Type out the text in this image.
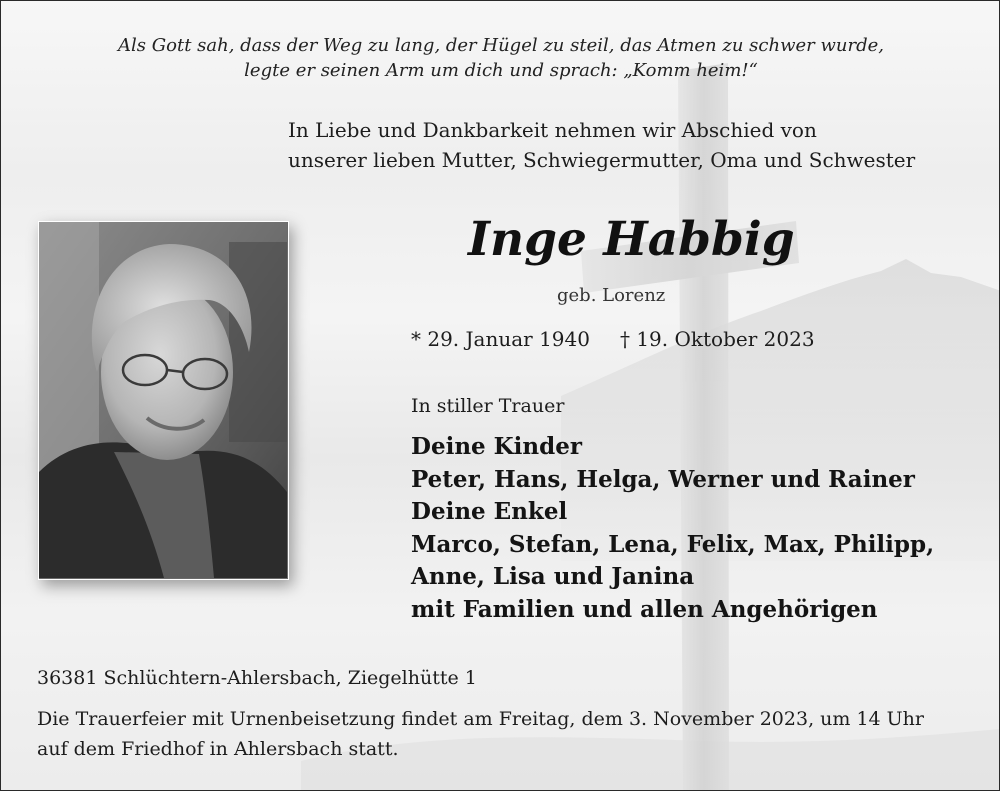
Als Gott sah, dass der Weg zu lang, der Hügel zu steil, das Atmen zu schwer wurde,
legte er seinen Arm um dich und sprach: „Komm heim!“

In Liebe und Dankbarkeit nehmen wir Abschied von
unserer lieben Mutter, Schwiegermutter, Oma und Schwester

Inge Habbig

geb. Lorenz

* 29. Januar 1940 † 19. Oktober 2023

In stiller Trauer

Deine Kinder
Peter, Hans, Helga, Werner und Rainer
Deine Enkel
Marco, Stefan, Lena, Felix, Max, Philipp,
Anne, Lisa und Janina
mit Familien und allen Angehörigen

36381 Schlüchtern-Ahlersbach, Ziegelhütte 1

Die Trauerfeier mit Urnenbeisetzung findet am Freitag, dem 3. November 2023, um 14 Uhr
auf dem Friedhof in Ahlersbach statt.
